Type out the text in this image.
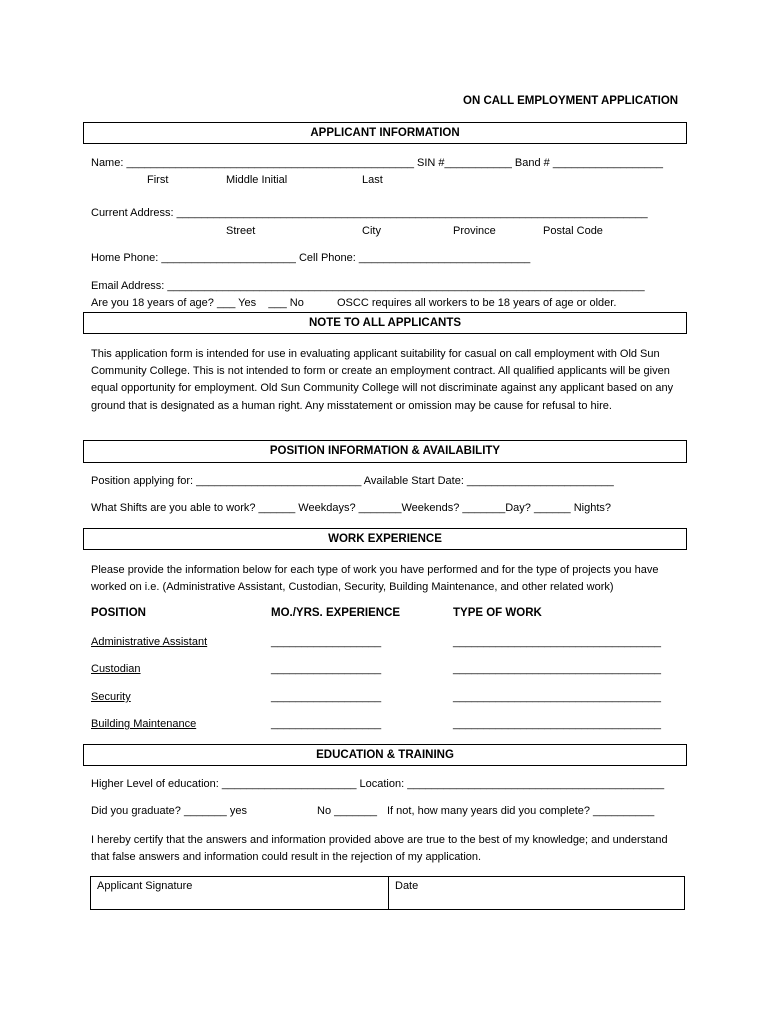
ON CALL EMPLOYMENT APPLICATION
APPLICANT INFORMATION
Name: _______________________________________________ SIN #___________ Band # __________________
First	Middle Initial	Last
Current Address: _____________________________________________________________________________
Street	City	Province	Postal Code
Home Phone: ______________________ Cell Phone: ____________________________
Email Address: ______________________________________________________________________________
Are you 18 years of age? ___ Yes    ___ No	OSCC requires all workers to be 18 years of age or older.
NOTE TO ALL APPLICANTS
This application form is intended for use in evaluating applicant suitability for casual on call employment with Old Sun Community College. This is not intended to form or create an employment contract. All qualified applicants will be given equal opportunity for employment. Old Sun Community College will not discriminate against any applicant based on any ground that is designated as a human right. Any misstatement or omission may be cause for refusal to hire.
POSITION INFORMATION & AVAILABILITY
Position applying for: ___________________________ Available Start Date: ________________________
What Shifts are you able to work? ______ Weekdays? _______Weekends? _______Day? ______ Nights?
WORK EXPERIENCE
Please provide the information below for each type of work you have performed and for the type of projects you have worked on i.e. (Administrative Assistant, Custodian, Security, Building Maintenance, and other related work)
POSITION	MO./YRS. EXPERIENCE	TYPE OF WORK
Administrative Assistant	__________________	__________________________________
Custodian	__________________	__________________________________
Security	__________________	__________________________________
Building Maintenance	__________________	__________________________________
EDUCATION & TRAINING
Higher Level of education: ______________________ Location: __________________________________________
Did you graduate? _______ yes	No _______ If not, how many years did you complete? __________
I hereby certify that the answers and information provided above are true to the best of my knowledge; and understand that false answers and information could result in the rejection of my application.
Applicant Signature	Date
